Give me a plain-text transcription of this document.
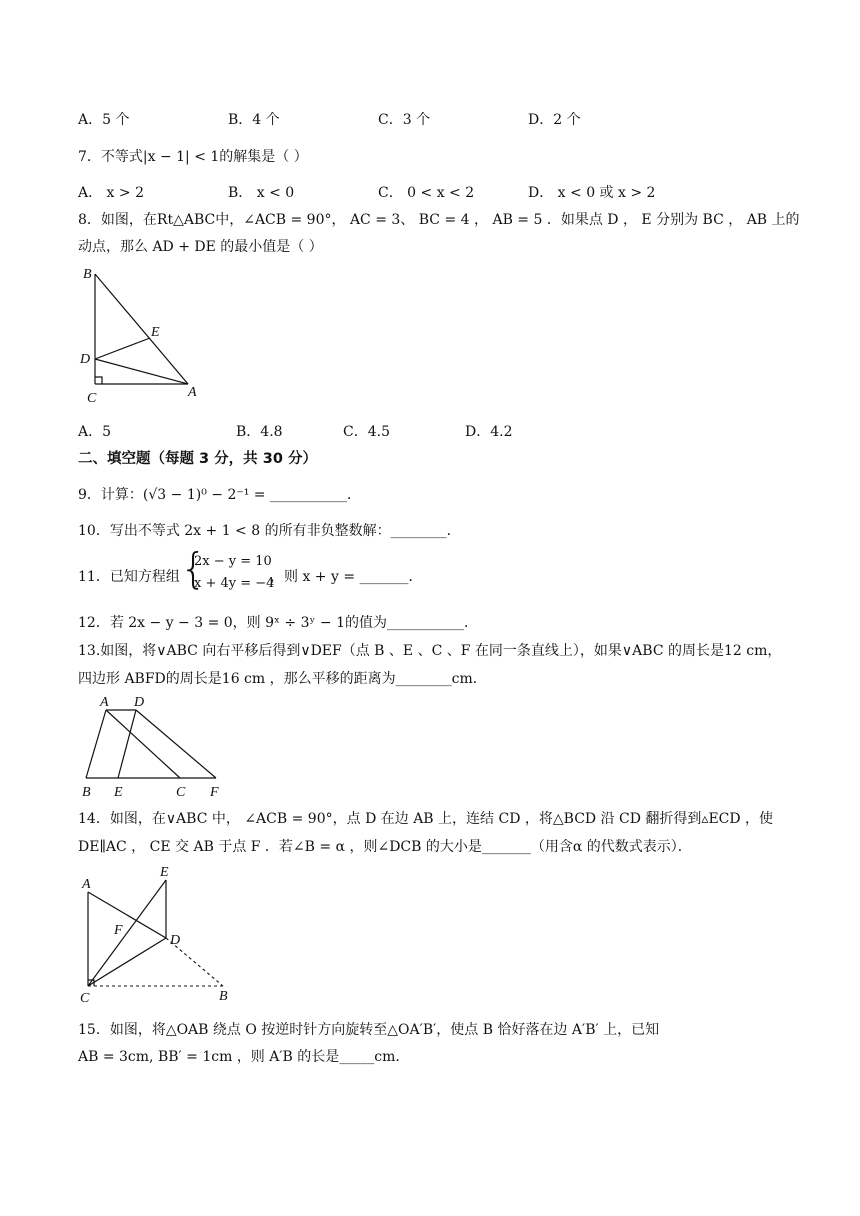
A．5 个	B．4 个	C．3 个	D．2 个
7．不等式|x − 1| < 1的解集是（ ）
A． x > 2	B． x < 0	C． 0 < x < 2	D． x < 0 或 x > 2
8．如图，在Rt△ABC中，∠ACB = 90°， AC = 3、 BC = 4 ， AB = 5 ．如果点 D ， E 分别为 BC ， AB 上的
动点，那么 AD + DE 的最小值是（ ）
B
E
D
C	A
A．5	B．4.8	C．4.5	D．4.2
二、填空题（每题 3 分，共 30 分）
9．计算：(√3 − 1)⁰ − 2⁻¹ = ___________．
10．写出不等式 2x + 1 < 8 的所有非负整数解：________．
11．已知方程组 {
2x − y = 10
x + 4y = −4
，则 x + y = _______．
12．若 2x − y − 3 = 0，则 9ˣ ÷ 3ʸ − 1的值为___________．
13.如图，将∨ABC 向右平移后得到∨DEF（点 B 、E 、C 、F 在同一条直线上），如果∨ABC 的周长是12 cm，
四边形 ABFD的周长是16 cm ，那么平移的距离为________cm．
A D
B E	C F
14．如图，在∨ABC 中， ∠ACB = 90°，点 D 在边 AB 上，连结 CD ，将△BCD 沿 CD 翻折得到▵ECD ，使
DE∥AC ， CE 交 AB 于点 F ．若∠B = α ，则∠DCB 的大小是_______（用含α 的代数式表示）．
A
E
F
D
C	B
15．如图，将△OAB 绕点 O 按逆时针方向旋转至△OA′B′，使点 B 恰好落在边 A′B′ 上，已知
AB = 3cm, BB′ = 1cm ，则 A′B 的长是_____cm．
